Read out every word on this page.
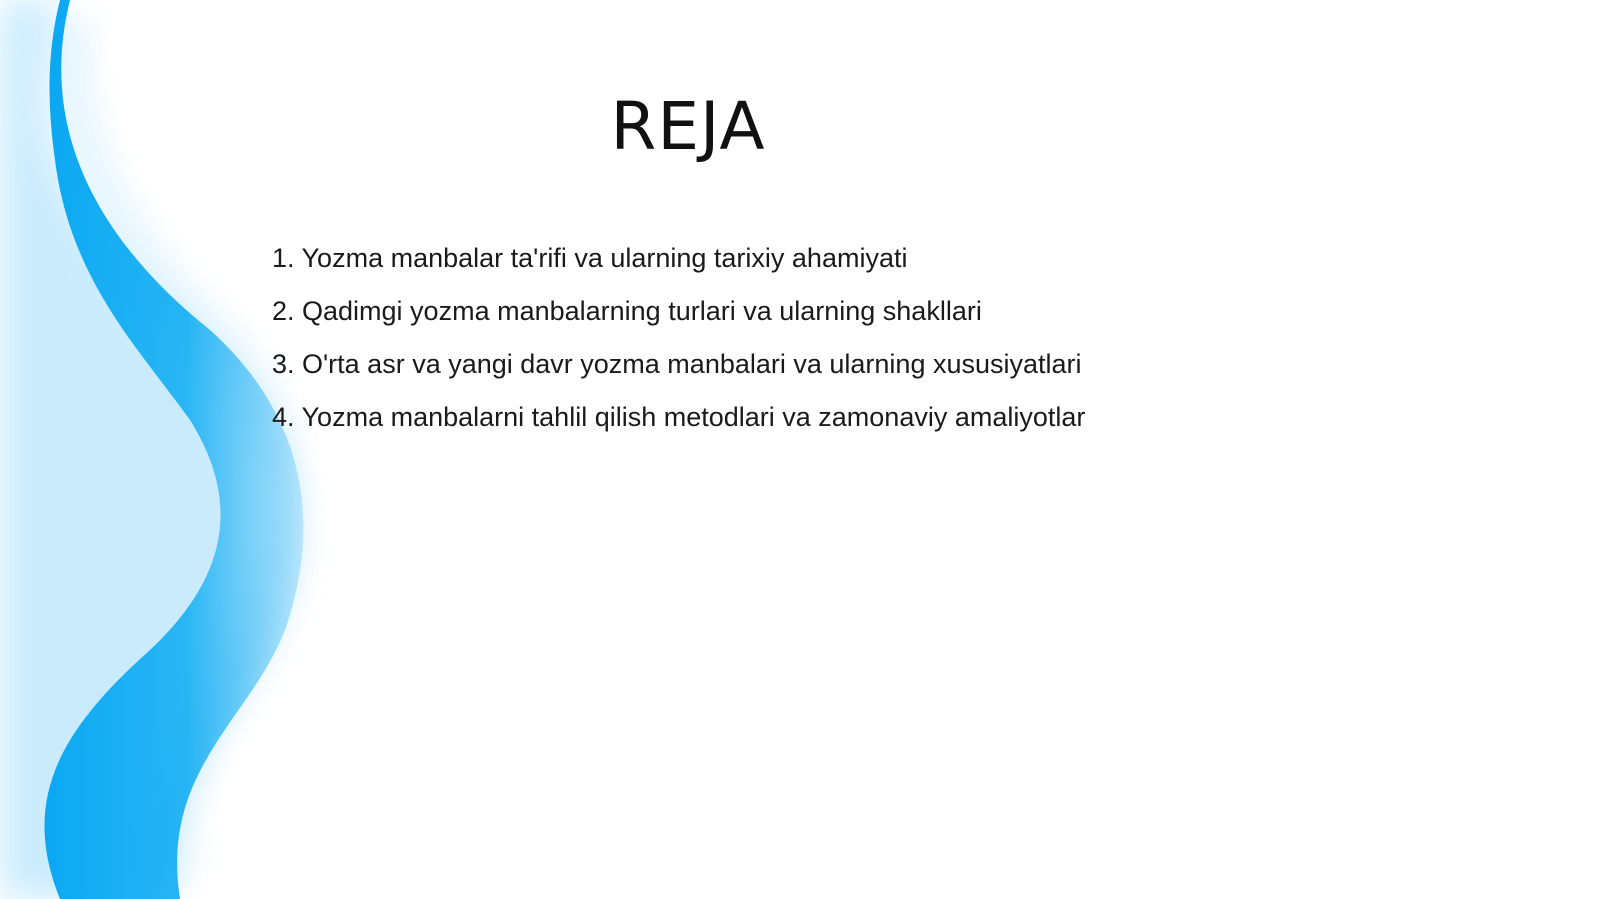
REJA
1. Yozma manbalar ta'rifi va ularning tarixiy ahamiyati
2. Qadimgi yozma manbalarning turlari va ularning shakllari
3. O'rta asr va yangi davr yozma manbalari va ularning xususiyatlari
4. Yozma manbalarni tahlil qilish metodlari va zamonaviy amaliyotlar
